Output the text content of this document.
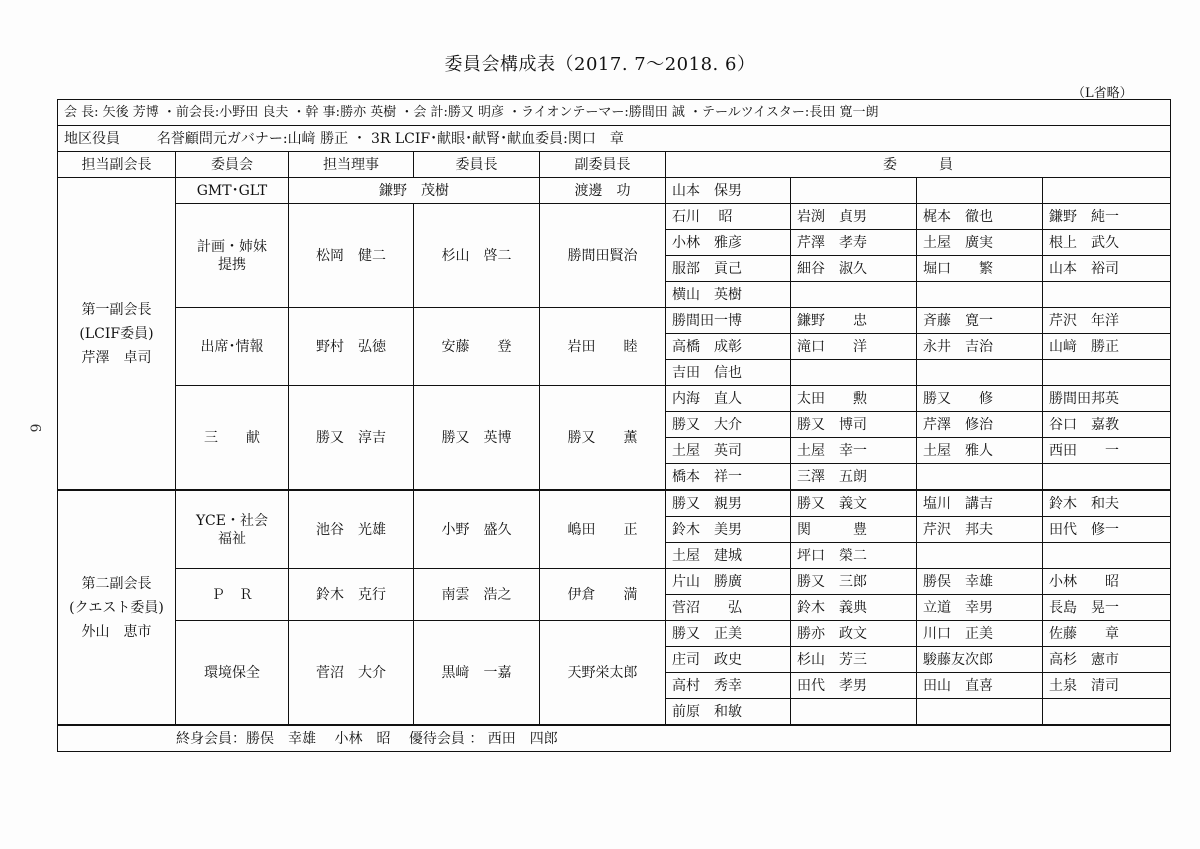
委員会構成表（2017. 7～2018. 6）
（L省略）
6
会 長: 矢後 芳博 ・前会長:小野田 良夫 ・幹 事:勝亦 英樹 ・会 計:勝又 明彦 ・ライオンテーマー:勝間田 誠 ・テールツイスター:長田 寛一朗								
地区役員 名誉顧問元ガバナー:山﨑 勝正 ・ 3R LCIF･献眼･献腎･献血委員:関口　章								
担当副会長	委員会	担当理事	委員長	副委員長	委　　　員			

第一副会長
(LCIF委員)
芹澤　卓司	GMT･GLT	鎌野　茂樹		渡邊　功	山本　保男			

	計画・姉妹提携	松岡　健二	杉山　啓二	勝間田賢治	石川　 昭	岩渕　貞男	梶本　徹也	鎌野　純一
					小林　雅彦	芹澤　孝寿	土屋　廣実	根上　武久
					服部　貢己	細谷　淑久	堀口　　繁	山本　裕司
					横山　英樹			
	出席･情報	野村　弘徳	安藤　　登	岩田　　睦	勝間田一博	鎌野　　忠	斉藤　寛一	芹沢　年洋
					高橋　成彰	滝口　　洋	永井　吉治	山﨑　勝正
					吉田　信也			
	三　　献	勝又　淳吉	勝又　英博	勝又　　薫	内海　直人	太田　　勲	勝又　　修	勝間田邦英
					勝又　大介	勝又　博司	芹澤　修治	谷口　嘉教
					土屋　英司	土屋　幸一	土屋　雅人	西田　　一
					橋本　祥一	三澤　五朗		

第二副会長
(クエスト委員)
外山　恵市	YCE・社会福祉	池谷　光雄	小野　盛久	嶋田　　正	勝又　親男	勝又　義文	塩川　講吉	鈴木　和夫
					鈴木　美男	関　　　豊	芹沢　邦夫	田代　修一
					土屋　建城	坪口　榮二		
	Ｐ　Ｒ	鈴木　克行	南雲　浩之	伊倉　　満	片山　勝廣	勝又　三郎	勝俣　幸雄	小林　　昭
					菅沼　　弘	鈴木　義典	立道　幸男	長島　晃一
	環境保全	菅沼　大介	黒﨑　一嘉	天野栄太郎	勝又　正美	勝亦　政文	川口　正美	佐藤　　章
					庄司　政史	杉山　芳三	駿藤友次郎	高杉　憲市
					高村　秀幸	田代　孝男	田山　直喜	土泉　清司
					前原　和敏			
終身会員：勝俣　幸雄　 小林　昭　 優待会員 ： 西田　四郎								
